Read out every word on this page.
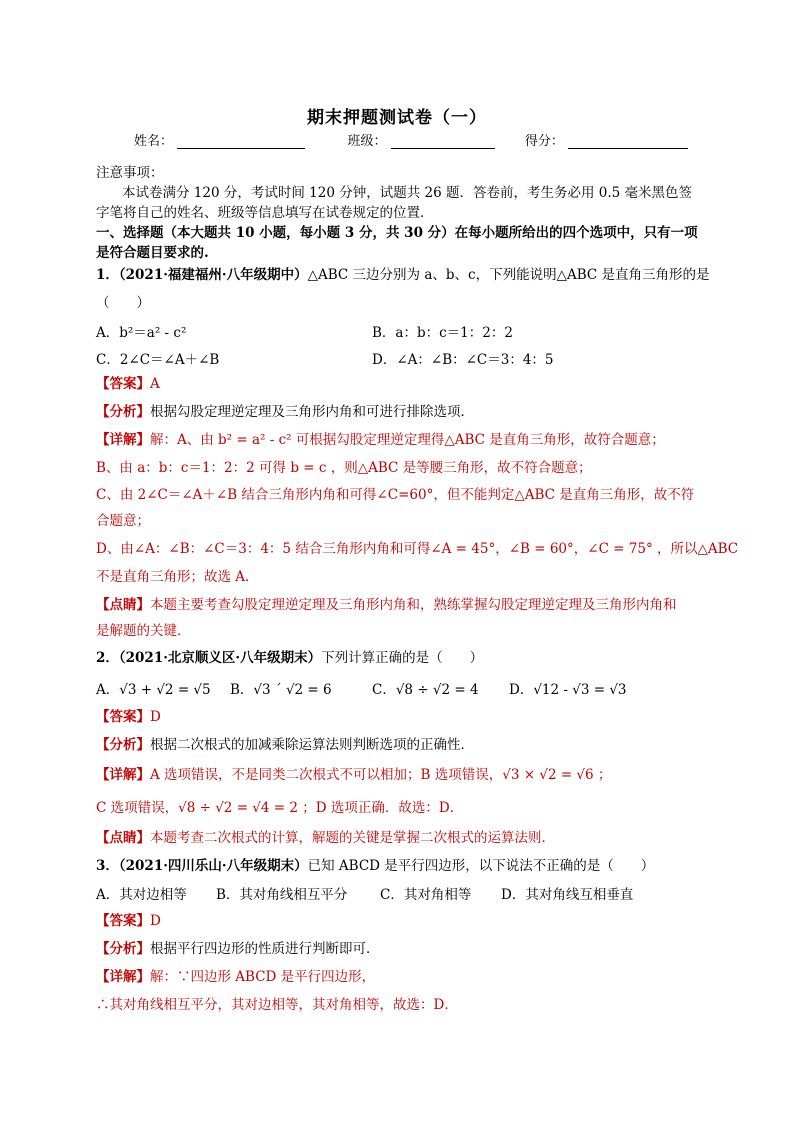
期末押题测试卷（一）
姓名：	班级：	得分：
注意事项：
本试卷满分 120 分，考试时间 120 分钟，试题共 26 题．答卷前，考生务必用 0.5 毫米黑色签
字笔将自己的姓名、班级等信息填写在试卷规定的位置．
一、选择题（本大题共 10 小题，每小题 3 分，共 30 分）在每小题所给出的四个选项中，只有一项
是符合题目要求的.
1．（2021·福建福州·八年级期中）△ABC 三边分别为 a、b、c，下列能说明△ABC 是直角三角形的是
（　　）
A．b²＝a² - c²	B．a：b：c＝1：2：2
C．2∠C＝∠A＋∠B	D．∠A：∠B：∠C＝3：4：5
【答案】A
【分析】根据勾股定理逆定理及三角形内角和可进行排除选项．
【详解】解：A、由 b² = a² - c² 可根据勾股定理逆定理得△ABC 是直角三角形，故符合题意；
B、由 a：b：c＝1：2：2 可得 b = c ，则△ABC 是等腰三角形，故不符合题意；
C、由 2∠C＝∠A＋∠B 结合三角形内角和可得∠C=60°，但不能判定△ABC 是直角三角形，故不符
合题意；
D、由∠A：∠B：∠C＝3：4：5 结合三角形内角和可得∠A = 45°，∠B = 60°，∠C = 75° ，所以△ABC
不是直角三角形；故选 A．
【点睛】本题主要考查勾股定理逆定理及三角形内角和，熟练掌握勾股定理逆定理及三角形内角和
是解题的关键．
2．（2021·北京顺义区·八年级期末）下列计算正确的是（　　）
A．√3 + √2 = √5 B．√3 ´ √2 = 6	C．√8 ÷ √2 = 4 D．√12 - √3 = √3
【答案】D
【分析】根据二次根式的加减乘除运算法则判断选项的正确性．
【详解】A 选项错误，不是同类二次根式不可以相加；B 选项错误，√3 × √2 = √6 ；
C 选项错误，√8 ÷ √2 = √4 = 2 ；D 选项正确．故选：D．
【点睛】本题考查二次根式的计算，解题的关键是掌握二次根式的运算法则．
3．（2021·四川乐山·八年级期末）已知 ABCD 是平行四边形，以下说法不正确的是（　　）
A．其对边相等 B．其对角线相互平分 C．其对角相等 D．其对角线互相垂直
【答案】D
【分析】根据平行四边形的性质进行判断即可．
【详解】解：∵四边形 ABCD 是平行四边形，
∴其对角线相互平分，其对边相等，其对角相等，故选：D．
